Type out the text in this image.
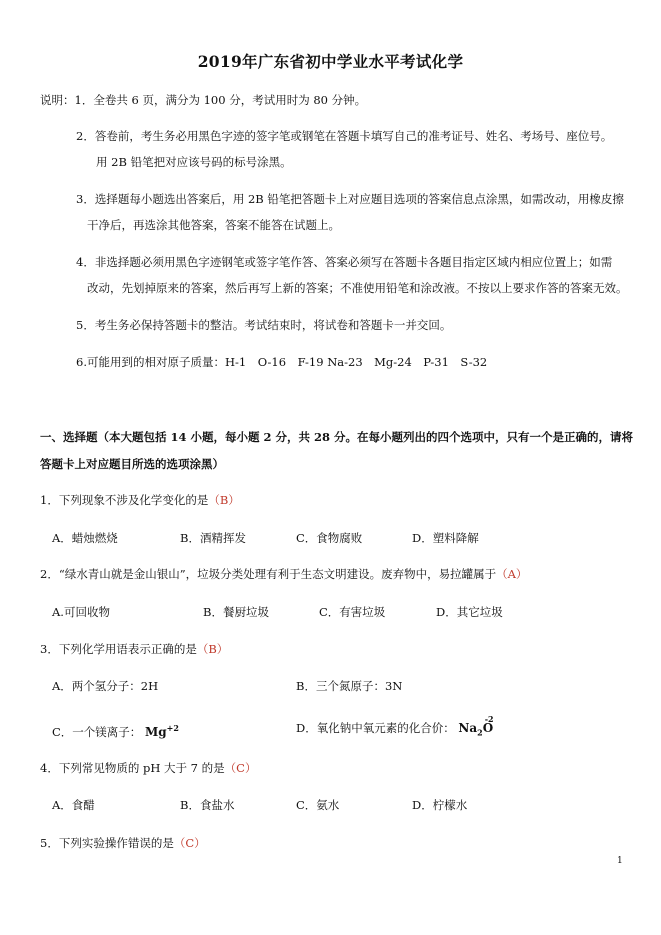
2019年广东省初中学业水平考试化学
说明：1．全卷共 6 页，满分为 100 分，考试用时为 80 分钟。
2．答卷前，考生务必用黑色字迹的签字笔或钢笔在答题卡填写自己的准考证号、姓名、考场号、座位号。
用 2B 铅笔把对应该号码的标号涂黑。
3．选择题每小题选出答案后，用 2B 铅笔把答题卡上对应题目选项的答案信息点涂黑，如需改动，用橡皮擦
干净后，再选涂其他答案，答案不能答在试题上。
4．非选择题必须用黑色字迹钢笔或签字笔作答、答案必须写在答题卡各题目指定区域内相应位置上；如需
改动，先划掉原来的答案，然后再写上新的答案；不准使用铅笔和涂改液。不按以上要求作答的答案无效。
5．考生务必保持答题卡的整洁。考试结束时，将试卷和答题卡一并交回。
6.可能用到的相对原子质量：H-1　O-16　F-19 Na-23　Mg-24　P-31　S-32
一、选择题（本大题包括 14 小题，每小题 2 分，共 28 分。在每小题列出的四个选项中，只有一个是正确的，请将
答题卡上对应题目所选的选项涂黑）
1．下列现象不涉及化学变化的是（B）
A．蜡烛燃烧	B．酒精挥发	C．食物腐败	D．塑料降解
2．“绿水青山就是金山银山”，垃圾分类处理有利于生态文明建设。废弃物中，易拉罐属于（A）
A.可回收物	B．餐厨垃圾	C．有害垃圾	D．其它垃圾
3．下列化学用语表示正确的是（B）
A．两个氢分子：2H	B．三个氮原子：3N
C．一个镁离子： $Mg^{+2}$	D．氧化钠中氧元素的化合价： $Na_2$
-2
O
4．下列常见物质的 pH 大于 7 的是（C）
A．食醋	B．食盐水	C．氨水	D．柠檬水
5．下列实验操作错误的是（C）
1
